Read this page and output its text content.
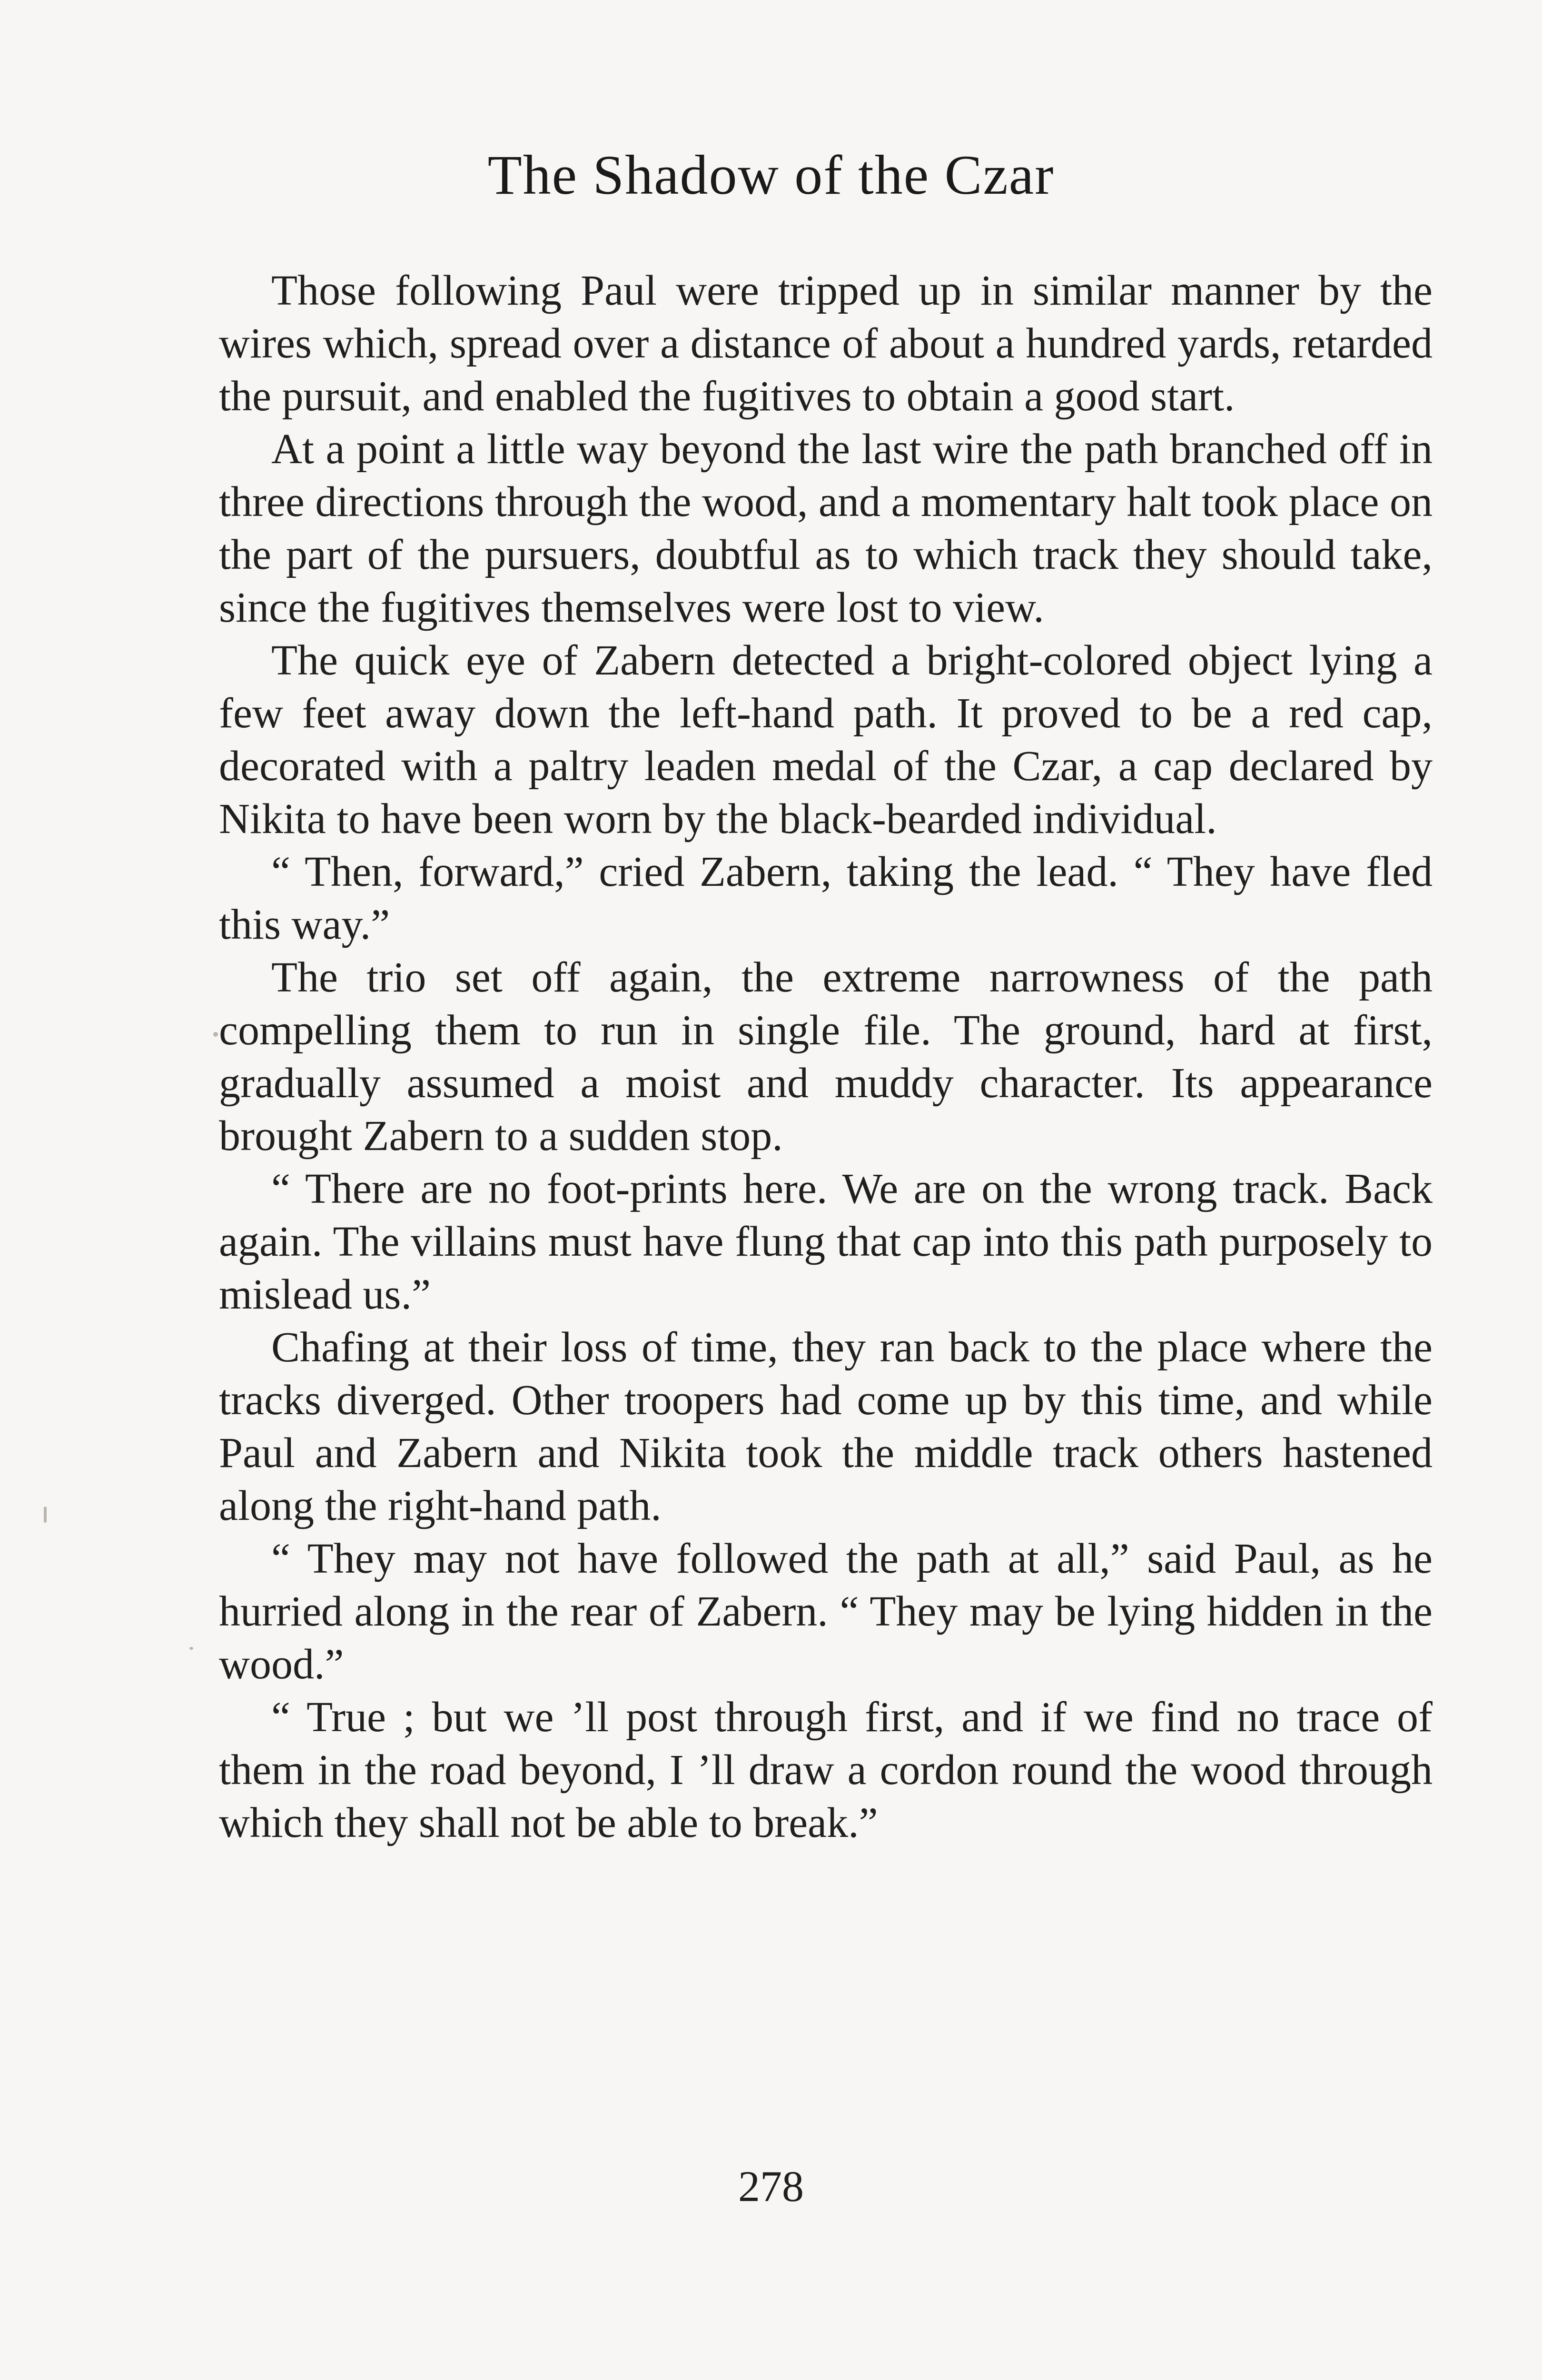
The Shadow of the Czar

Those following Paul were tripped up in similar manner by the wires which, spread over a distance of about a hundred yards, retarded the pursuit, and enabled the fugitives to obtain a good start.

At a point a little way beyond the last wire the path branched off in three directions through the wood, and a momentary halt took place on the part of the pursuers, doubtful as to which track they should take, since the fugitives themselves were lost to view.

The quick eye of Zabern detected a bright-colored object lying a few feet away down the left-hand path. It proved to be a red cap, decorated with a paltry leaden medal of the Czar, a cap declared by Nikita to have been worn by the black-bearded individual.

“ Then, forward,” cried Zabern, taking the lead. “ They have fled this way.”

The trio set off again, the extreme narrowness of the path compelling them to run in single file. The ground, hard at first, gradually assumed a moist and muddy character. Its appearance brought Zabern to a sudden stop.

“ There are no foot-prints here. We are on the wrong track. Back again. The villains must have flung that cap into this path purposely to mislead us.”

Chafing at their loss of time, they ran back to the place where the tracks diverged. Other troopers had come up by this time, and while Paul and Zabern and Nikita took the middle track others hastened along the right-hand path.

“ They may not have followed the path at all,” said Paul, as he hurried along in the rear of Zabern. “ They may be lying hidden in the wood.”

“ True ; but we ’ll post through first, and if we find no trace of them in the road beyond, I ’ll draw a cordon round the wood through which they shall not be able to break.”

278
